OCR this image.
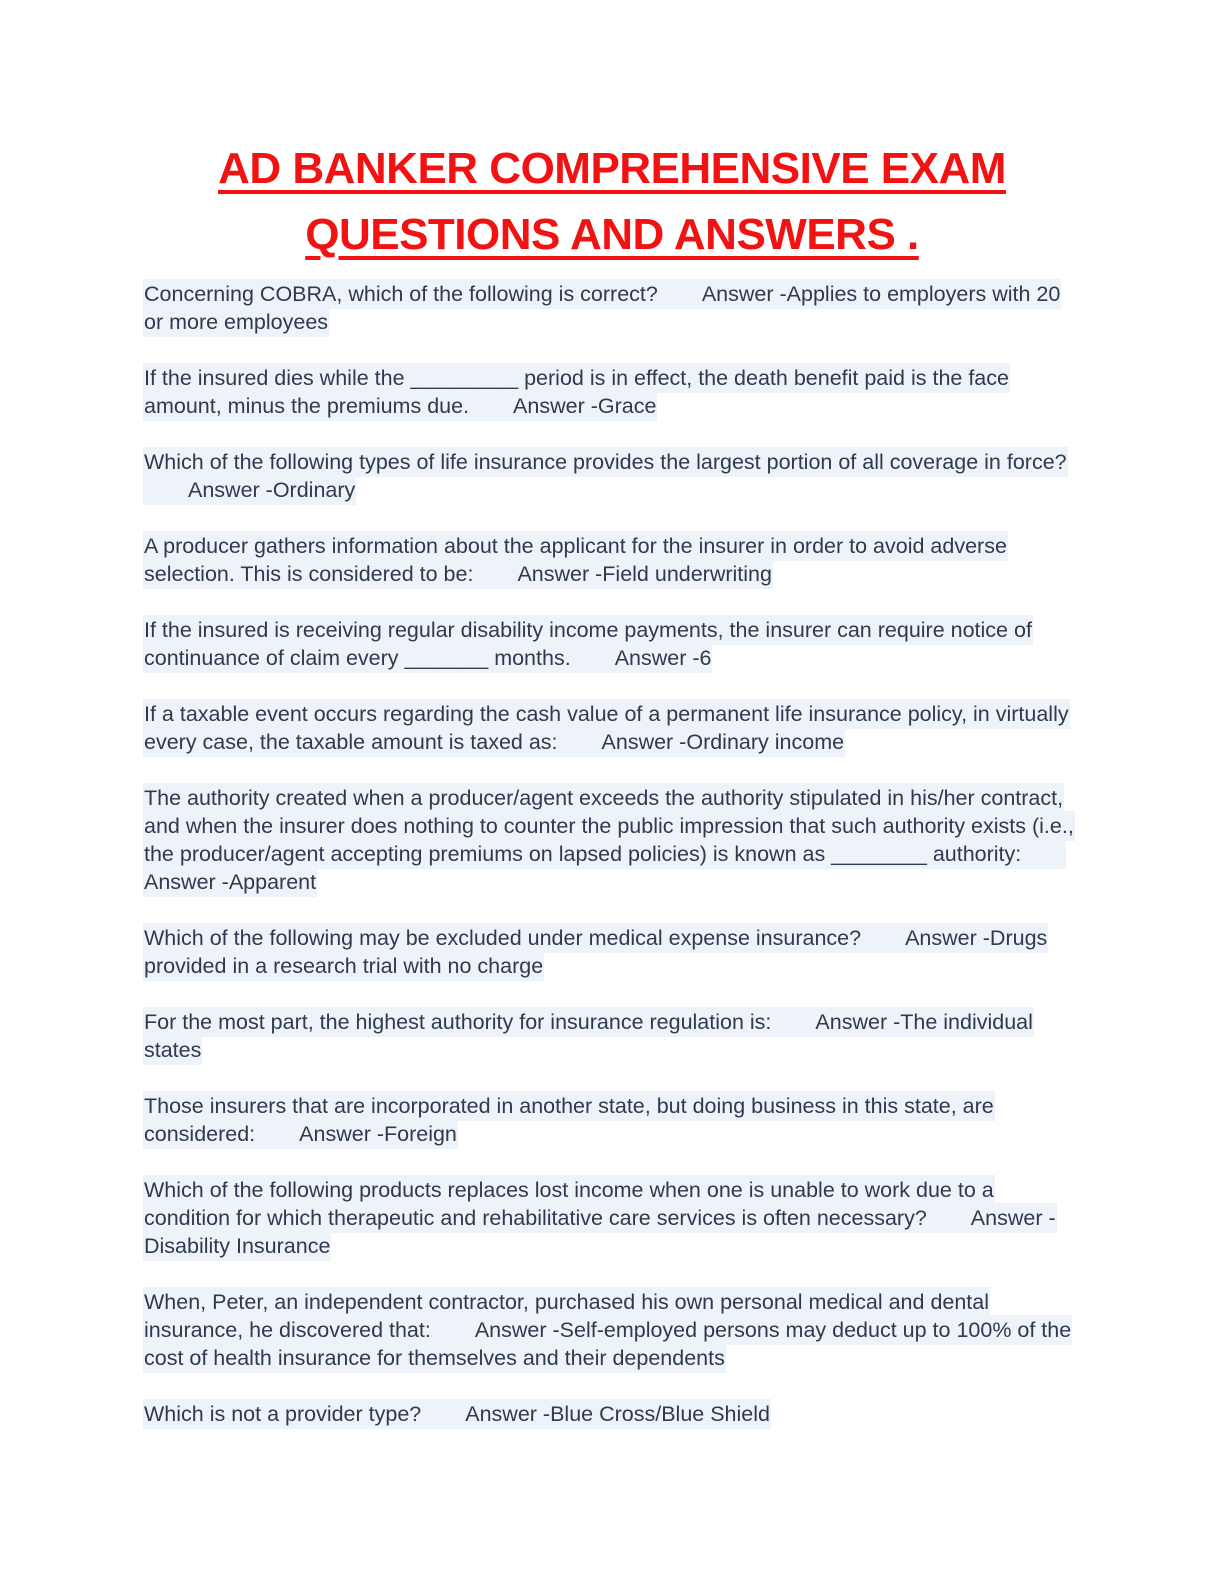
AD BANKER COMPREHENSIVE EXAM
QUESTIONS AND ANSWERS .

Concerning COBRA, which of the following is correct? Answer -Applies to employers with 20 or more employees

If the insured dies while the _________ period is in effect, the death benefit paid is the face amount, minus the premiums due. Answer -Grace

Which of the following types of life insurance provides the largest portion of all coverage in force?Answer -Ordinary

A producer gathers information about the applicant for the insurer in order to avoid adverse selection. This is considered to be: Answer -Field underwriting

If the insured is receiving regular disability income payments, the insurer can require notice of continuance of claim every _______ months. Answer -6

If a taxable event occurs regarding the cash value of a permanent life insurance policy, in virtually every case, the taxable amount is taxed as: Answer -Ordinary income

The authority created when a producer/agent exceeds the authority stipulated in his/her contract, and when the insurer does nothing to counter the public impression that such authority exists (i.e., the producer/agent accepting premiums on lapsed policies) is known as ________ authority:Answer -Apparent

Which of the following may be excluded under medical expense insurance? Answer -Drugs provided in a research trial with no charge

For the most part, the highest authority for insurance regulation is: Answer -The individual states

Those insurers that are incorporated in another state, but doing business in this state, are considered: Answer -Foreign

Which of the following products replaces lost income when one is unable to work due to a condition for which therapeutic and rehabilitative care services is often necessary? Answer -Disability Insurance

When, Peter, an independent contractor, purchased his own personal medical and dental insurance, he discovered that: Answer -Self-employed persons may deduct up to 100% of the cost of health insurance for themselves and their dependents

Which is not a provider type? Answer -Blue Cross/Blue Shield
